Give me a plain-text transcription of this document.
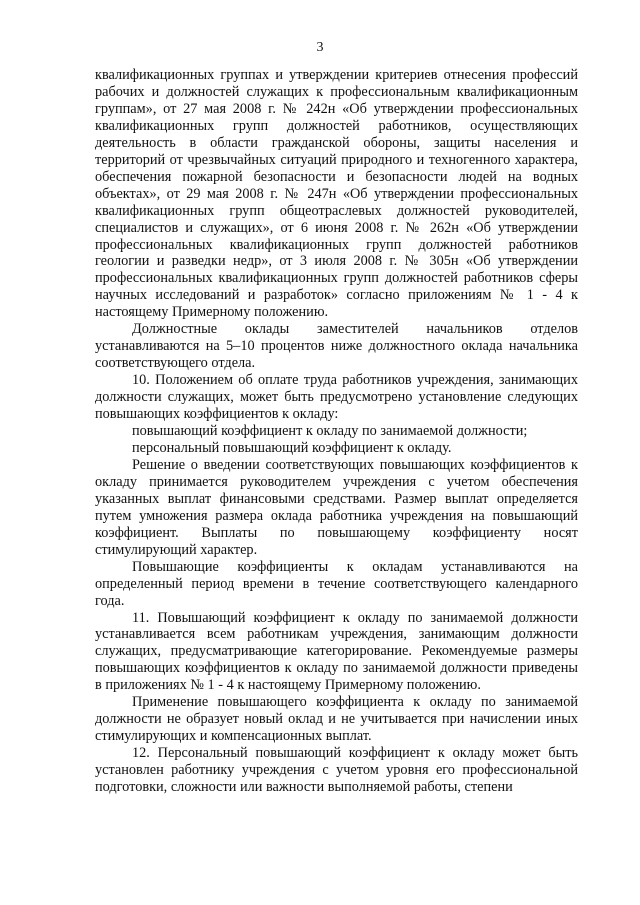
3

квалификационных группах и утверждении критериев отнесения профессий рабочих и должностей служащих к профессиональным квалификационным группам», от 27 мая 2008 г. № 242н «Об утверждении профессиональных квалификационных групп должностей работников, осуществляющих деятельность в области гражданской обороны, защиты населения и территорий от чрезвычайных ситуаций природного и техногенного характера, обеспечения пожарной безопасности и безопасности людей на водных объектах», от 29 мая 2008 г. № 247н «Об утверждении профессиональных квалификационных групп общеотраслевых должностей руководителей, специалистов и служащих», от 6 июня 2008 г. № 262н «Об утверждении профессиональных квалификационных групп должностей работников геологии и разведки недр», от 3 июля 2008 г. № 305н «Об утверждении профессиональных квалификационных групп должностей работников сферы научных исследований и разработок» согласно приложениям № 1 - 4 к настоящему Примерному положению.

Должностные оклады заместителей начальников отделов устанавливаются на 5–10 процентов ниже должностного оклада начальника соответствующего отдела.

10. Положением об оплате труда работников учреждения, занимающих должности служащих, может быть предусмотрено установление следующих повышающих коэффициентов к окладу:

повышающий коэффициент к окладу по занимаемой должности;

персональный повышающий коэффициент к окладу.

Решение о введении соответствующих повышающих коэффициентов к окладу принимается руководителем учреждения с учетом обеспечения указанных выплат финансовыми средствами. Размер выплат определяется путем умножения размера оклада работника учреждения на повышающий коэффициент. Выплаты по повышающему коэффициенту носят стимулирующий характер.

Повышающие коэффициенты к окладам устанавливаются на определенный период времени в течение соответствующего календарного года.

11. Повышающий коэффициент к окладу по занимаемой должности устанавливается всем работникам учреждения, занимающим должности служащих, предусматривающие категорирование. Рекомендуемые размеры повышающих коэффициентов к окладу по занимаемой должности приведены в приложениях № 1 - 4 к настоящему Примерному положению.

Применение повышающего коэффициента к окладу по занимаемой должности не образует новый оклад и не учитывается при начислении иных стимулирующих и компенсационных выплат.

12. Персональный повышающий коэффициент к окладу может быть установлен работнику учреждения с учетом уровня его профессиональной подготовки, сложности или важности выполняемой работы, степени
